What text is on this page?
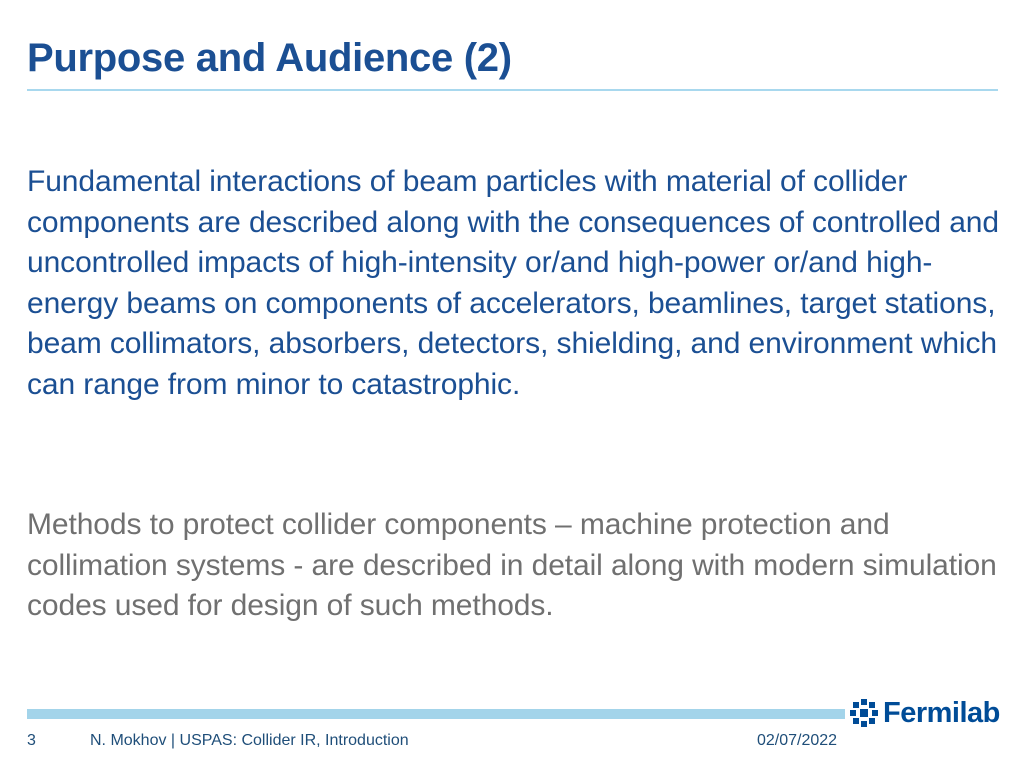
Purpose and Audience (2)

Fundamental interactions of beam particles with material of collider components are described along with the consequences of controlled and uncontrolled impacts of high-intensity or/and high-power or/and high-energy beams on components of accelerators, beamlines, target stations, beam collimators, absorbers, detectors, shielding, and environment which can range from minor to catastrophic.

Methods to protect collider components – machine protection and collimation systems - are described in detail along with modern simulation codes used for design of such methods.

Fermilab
3	N. Mokhov | USPAS: Collider IR, Introduction	02/07/2022
